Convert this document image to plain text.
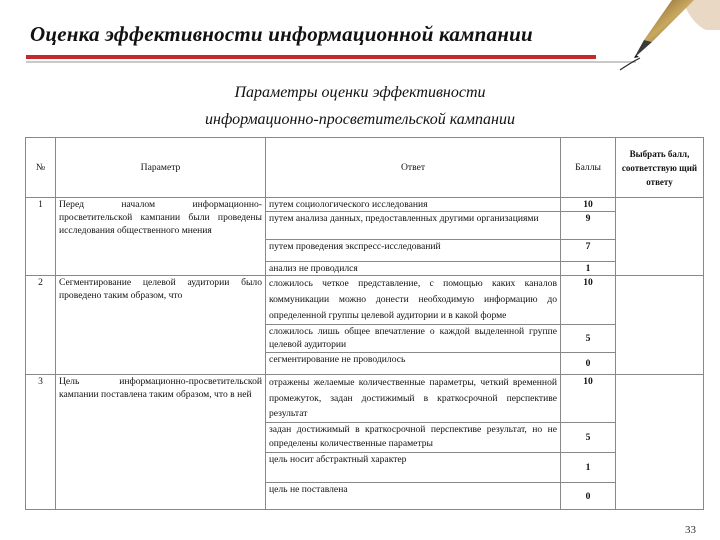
Оценка эффективности информационной кампании
Параметры оценки эффективности
информационно-просветительской кампании
№	Параметр	Ответ	Баллы	Выбрать балл, соответствую щий ответу
1	Перед началом информационно-просветительской кампании были проведены исследования общественного мнения	путем социологического исследования	10	
		путем анализа данных, предоставленных другими организациями	9	
		путем проведения экспресс-исследований	7	
		анализ не проводился	1	
2	Сегментирование целевой аудитории было проведено таким образом, что	сложилось четкое представление, с помощью каких каналов коммуникации можно донести необходимую информацию до определенной группы целевой аудитории и в какой форме	10	
		сложилось лишь общее впечатление о каждой выделенной группе целевой аудитории	5	
		сегментирование не проводилось	0	
3	Цель информационно-просветительской кампании поставлена таким образом, что в ней	отражены желаемые количественные параметры, четкий временной промежуток, задан достижимый в краткосрочной перспективе результат	10	
		задан достижимый в краткосрочной перспективе результат, но не определены количественные параметры	5	
		цель носит абстрактный характер	1	
		цель не поставлена	0	
33
